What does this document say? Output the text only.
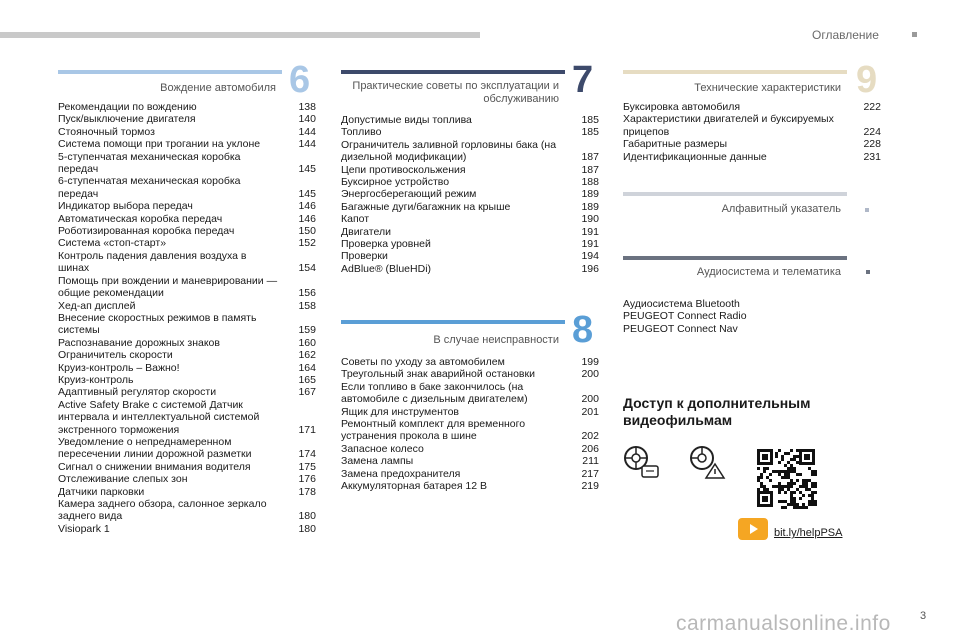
Оглавление
Вождение автомобиля 6
Рекомендации по вождению	138
Пуск/выключение двигателя	140
Стояночный тормоз	144
Система помощи при трогании на уклоне	144
5-ступенчатая механическая коробка передач	145
6-ступенчатая механическая коробка передач	145
Индикатор выбора передач	146
Автоматическая коробка передач	146
Роботизированная коробка передач	150
Система «стоп-старт»	152
Контроль падения давления воздуха в шинах	154
Помощь при вождении и маневрировании — общие рекомендации	156
Хед-ап дисплей	158
Внесение скоростных режимов в память системы	159
Распознавание дорожных знаков	160
Ограничитель скорости	162
Круиз-контроль – Важно!	164
Круиз-контроль	165
Адаптивный регулятор скорости	167
Active Safety Brake с системой Датчик интервала и интеллектуальной системой экстренного торможения	171
Уведомление о непреднамеренном пересечении линии дорожной разметки	174
Сигнал о снижении внимания водителя	175
Отслеживание слепых зон	176
Датчики парковки	178
Камера заднего обзора, салонное зеркало заднего вида	180
Visiopark 1	180
Практические советы по эксплуатации и обслуживанию 7
Допустимые виды топлива	185
Топливо	185
Ограничитель заливной горловины бака (на дизельной модификации)	187
Цепи противоскольжения	187
Буксирное устройство	188
Энергосберегающий режим	189
Багажные дуги/багажник на крыше	189
Капот	190
Двигатели	191
Проверка уровней	191
Проверки	194
AdBlue® (BlueHDi)	196
В случае неисправности 8
Советы по уходу за автомобилем	199
Треугольный знак аварийной остановки	200
Если топливо в баке закончилось (на автомобиле с дизельным двигателем)	200
Ящик для инструментов	201
Ремонтный комплект для временного устранения прокола в шине	202
Запасное колесо	206
Замена лампы	211
Замена предохранителя	217
Аккумуляторная батарея 12 В	219
Технические характеристики 9
Буксировка автомобиля	222
Характеристики двигателей и буксируемых прицепов	224
Габаритные размеры	228
Идентификационные данные	231
Алфавитный указатель
Аудиосистема и телематика
Аудиосистема Bluetooth
PEUGEOT Connect Radio
PEUGEOT Connect Nav
Доступ к дополнительным видеофильмам
bit.ly/helpPSA
carmanualsonline.info	3
